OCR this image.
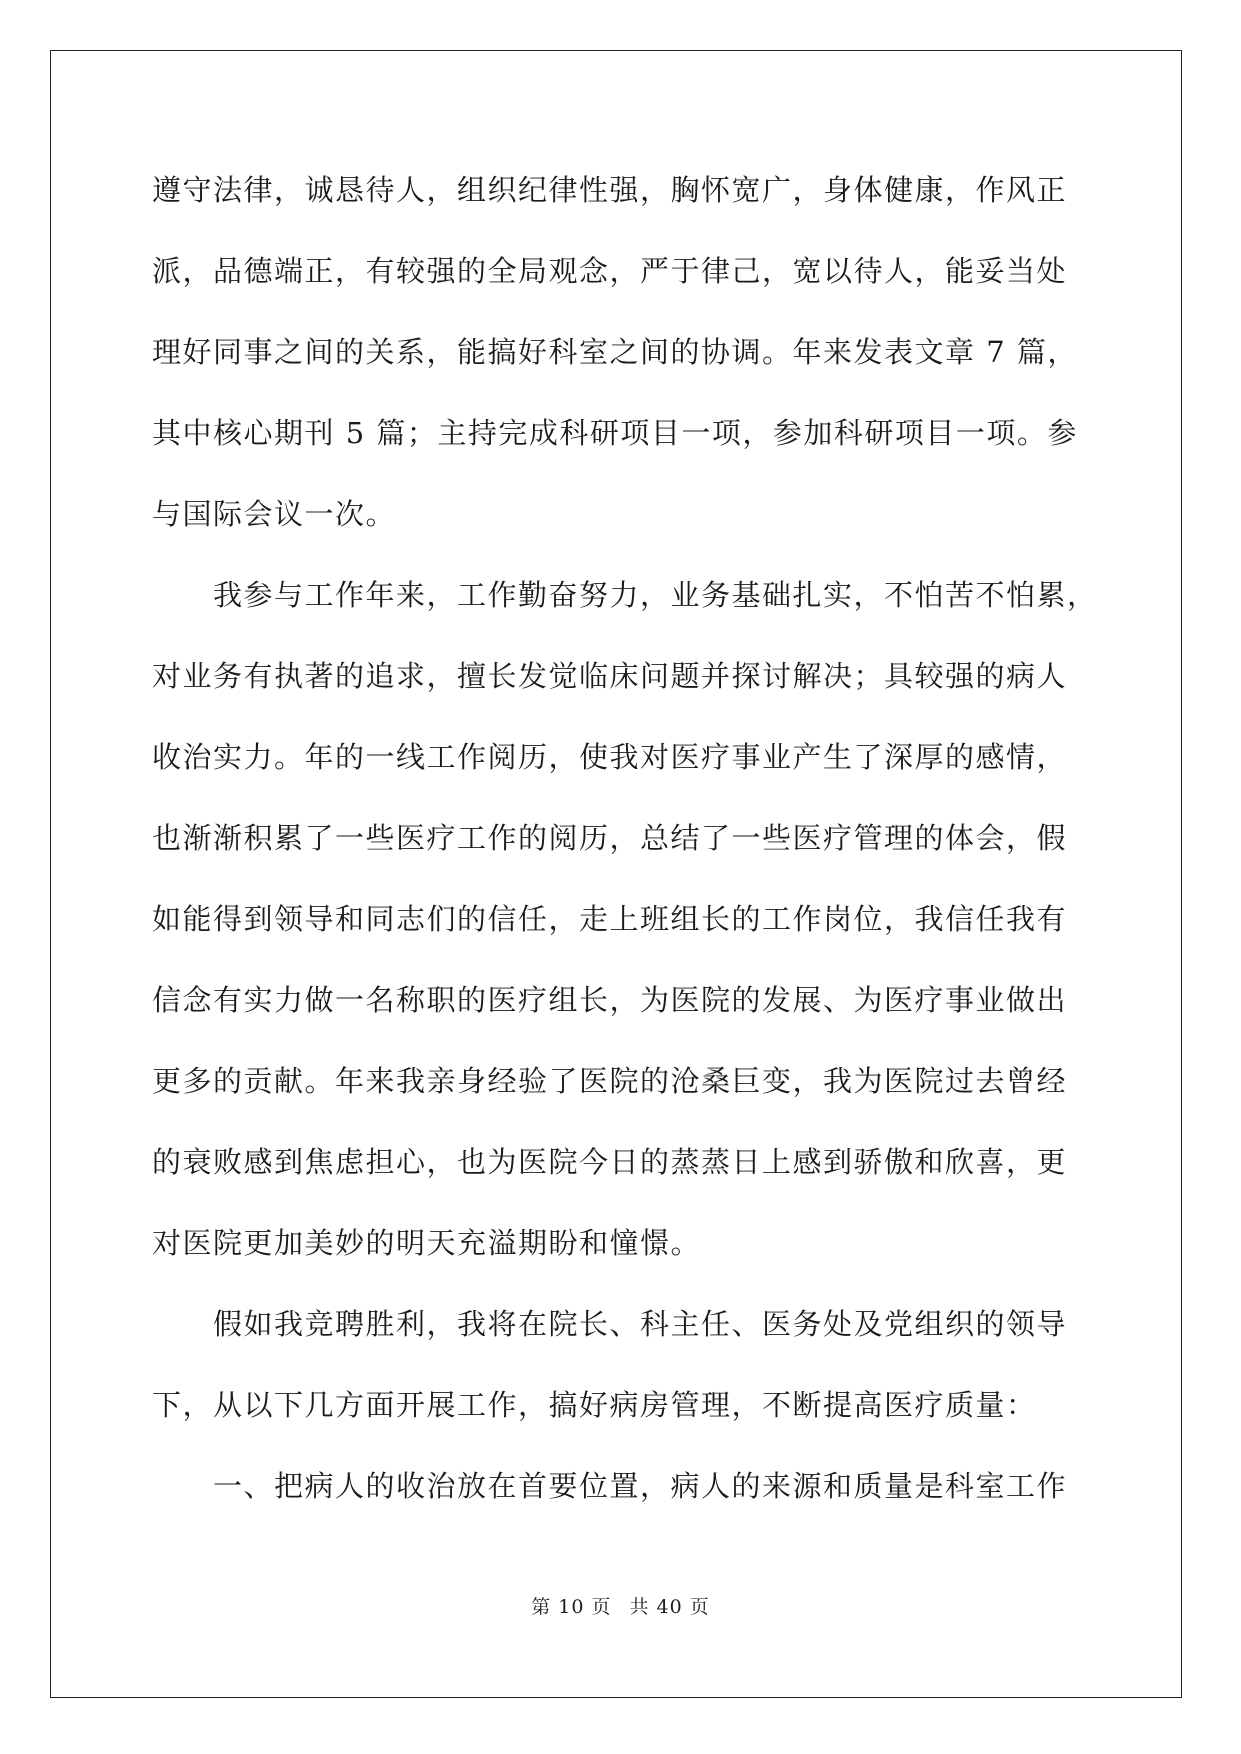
遵守法律，诚恳待人，组织纪律性强，胸怀宽广，身体健康，作风正
派，品德端正，有较强的全局观念，严于律己，宽以待人，能妥当处
理好同事之间的关系，能搞好科室之间的协调。年来发表文章 7 篇，
其中核心期刊 5 篇；主持完成科研项目一项，参加科研项目一项。参
与国际会议一次。
　　我参与工作年来，工作勤奋努力，业务基础扎实，不怕苦不怕累，
对业务有执著的追求，擅长发觉临床问题并探讨解决；具较强的病人
收治实力。年的一线工作阅历，使我对医疗事业产生了深厚的感情，
也渐渐积累了一些医疗工作的阅历，总结了一些医疗管理的体会，假
如能得到领导和同志们的信任，走上班组长的工作岗位，我信任我有
信念有实力做一名称职的医疗组长，为医院的发展、为医疗事业做出
更多的贡献。年来我亲身经验了医院的沧桑巨变，我为医院过去曾经
的衰败感到焦虑担心，也为医院今日的蒸蒸日上感到骄傲和欣喜，更
对医院更加美妙的明天充溢期盼和憧憬。
　　假如我竞聘胜利，我将在院长、科主任、医务处及党组织的领导
下，从以下几方面开展工作，搞好病房管理，不断提高医疗质量：
　　一、把病人的收治放在首要位置，病人的来源和质量是科室工作
第 10 页 共 40 页
